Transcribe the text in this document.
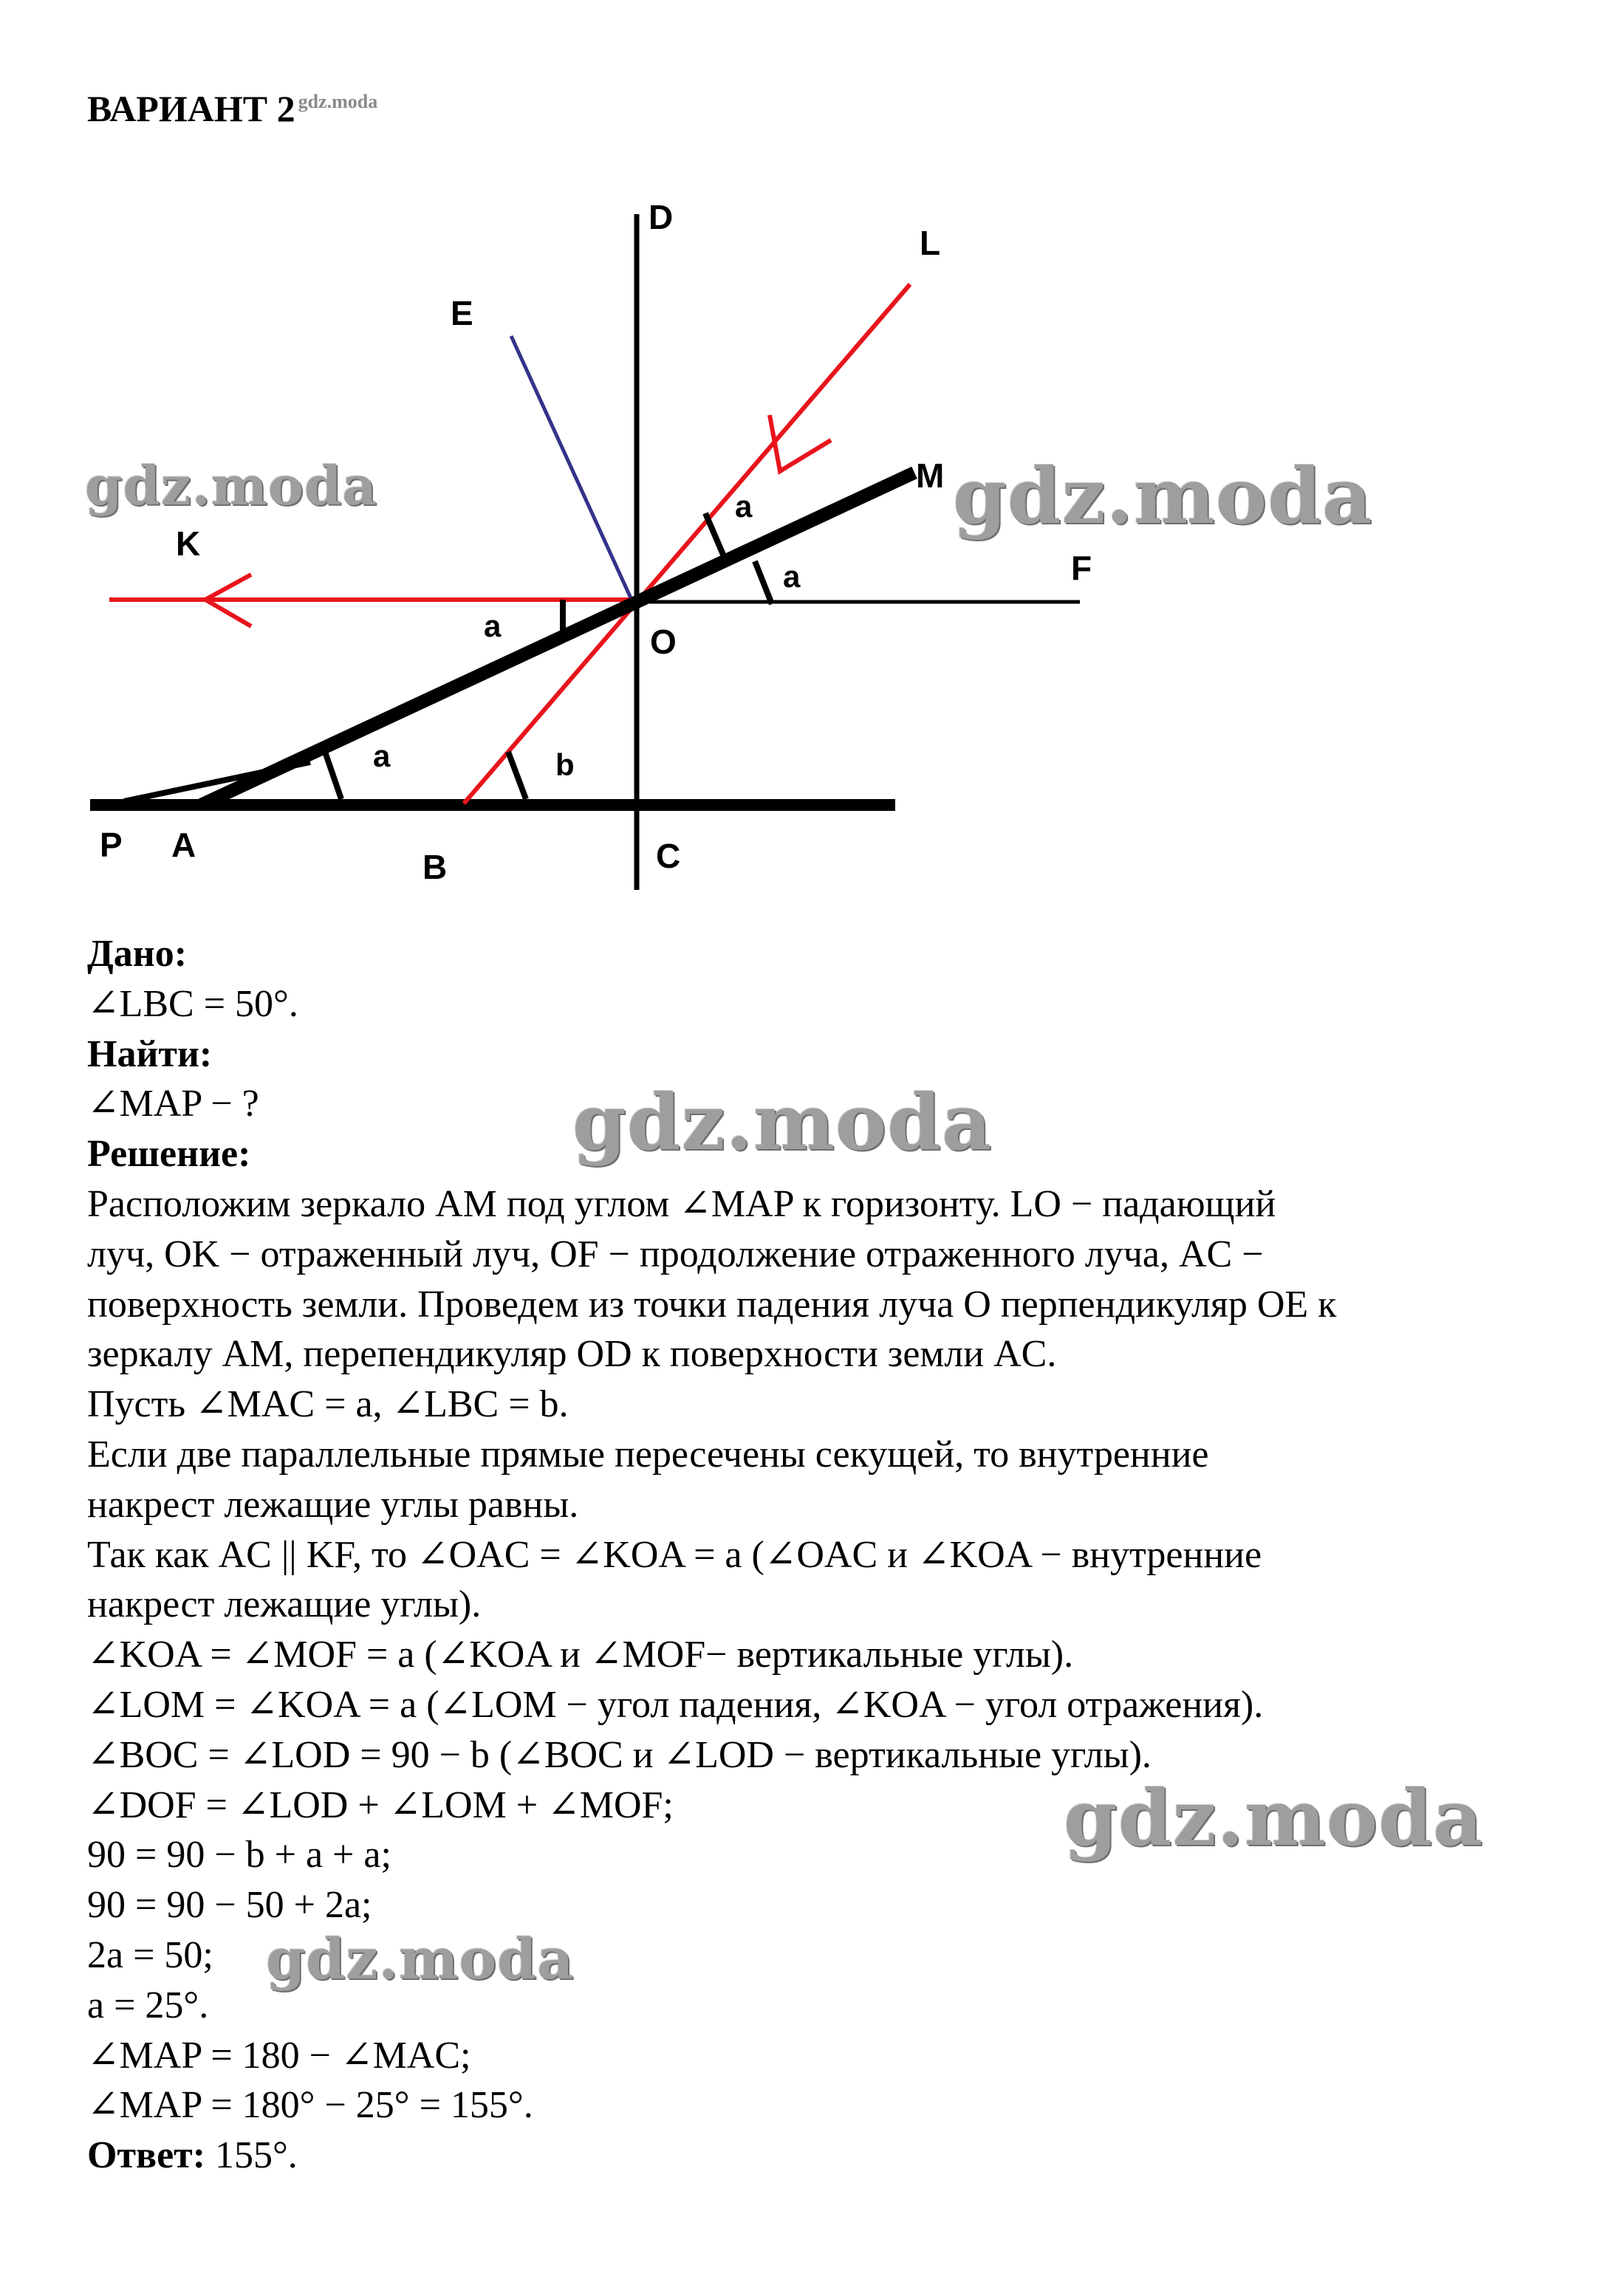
ВАРИАНТ 2 $^{gdz.moda}$
D
L
E
M
K
F
O
P A
B	C
a
a
a
a	b
gdz.moda	gdz.moda
gdz.moda
gdz.moda
gdz.moda
Дано:
∠LBC = 50°.
Найти:
∠MAP − ?
Решение:
Расположим зеркало AM под углом ∠MAP к горизонту. LO − падающий
луч, OK − отраженный луч, OF − продолжение отраженного луча, AC −
поверхность земли. Проведем из точки падения луча O перпендикуляр OE к
зеркалу AM, перепендикуляр OD к поверхности земли AC.
Пусть ∠MAC = a, ∠LBC = b.
Если две параллельные прямые пересечены секущей, то внутренние
накрест лежащие углы равны.
Так как AC || KF, то ∠OAC = ∠KOA = a (∠OAC и ∠KOA − внутренние
накрест лежащие углы).
∠KOA = ∠MOF = a (∠KOA и ∠MOF− вертикальные углы).
∠LOM = ∠KOA = a (∠LOM − угол падения, ∠KOA − угол отражения).
∠BOC = ∠LOD = 90 − b (∠BOC и ∠LOD − вертикальные углы).
∠DOF = ∠LOD + ∠LOM + ∠MOF;
90 = 90 − b + a + a;
90 = 90 − 50 + 2a;
2a = 50;
a = 25°.
∠MAP = 180 − ∠MAC;
∠MAP = 180° − 25° = 155°.
Ответ: 155°.
